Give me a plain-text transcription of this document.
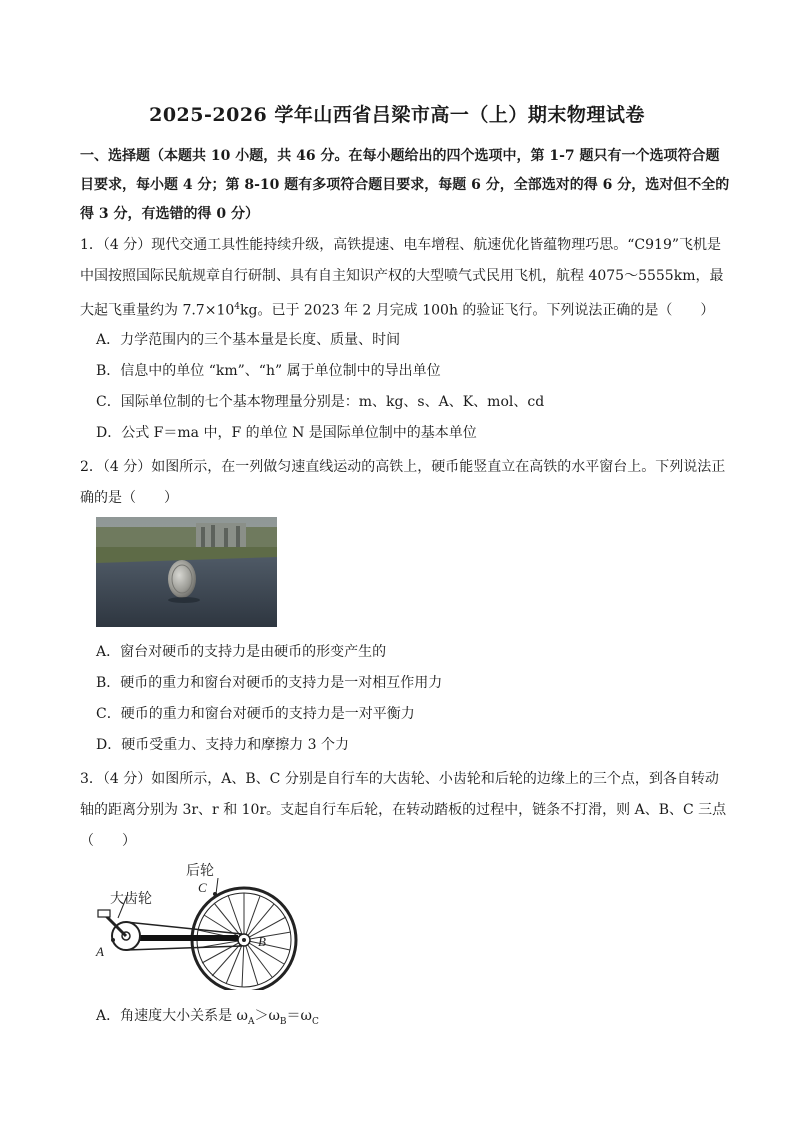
2025-2026 学年山西省吕梁市高一（上）期末物理试卷
一、选择题（本题共 10 小题，共 46 分。在每小题给出的四个选项中，第 1-7 题只有一个选项符合题目要求，每小题 4 分；第 8-10 题有多项符合题目要求，每题 6 分，全部选对的得 6 分，选对但不全的得 3 分，有选错的得 0 分）
1．（4 分）现代交通工具性能持续升级，高铁提速、电车增程、航速优化皆蕴物理巧思。“C919”飞机是中国按照国际民航规章自行研制、具有自主知识产权的大型喷气式民用飞机，航程 4075～5555km，最大起飞重量约为 $7.7\times 10^4kg$。已于 2023 年 2 月完成 100h 的验证飞行。下列说法正确的是（　　）
A．力学范围内的三个基本量是长度、质量、时间
B．信息中的单位 “km”、“h” 属于单位制中的导出单位
C．国际单位制的七个基本物理量分别是：m、kg、s、A、K、mol、cd
D．公式 F＝ma 中，F 的单位 N 是国际单位制中的基本单位
2．（4 分）如图所示，在一列做匀速直线运动的高铁上，硬币能竖直立在高铁的水平窗台上。下列说法正确的是（　　）
A．窗台对硬币的支持力是由硬币的形变产生的
B．硬币的重力和窗台对硬币的支持力是一对相互作用力
C．硬币的重力和窗台对硬币的支持力是一对平衡力
D．硬币受重力、支持力和摩擦力 3 个力
3．（4 分）如图所示，A、B、C 分别是自行车的大齿轮、小齿轮和后轮的边缘上的三个点，到各自转动轴的距离分别为 3r、r 和 10r。支起自行车后轮，在转动踏板的过程中，链条不打滑，则 A、B、C 三点（　　）
后轮
大齿轮
A
B
C
A．角速度大小关系是 $\omega_A>\omega_B=\omega_C$
